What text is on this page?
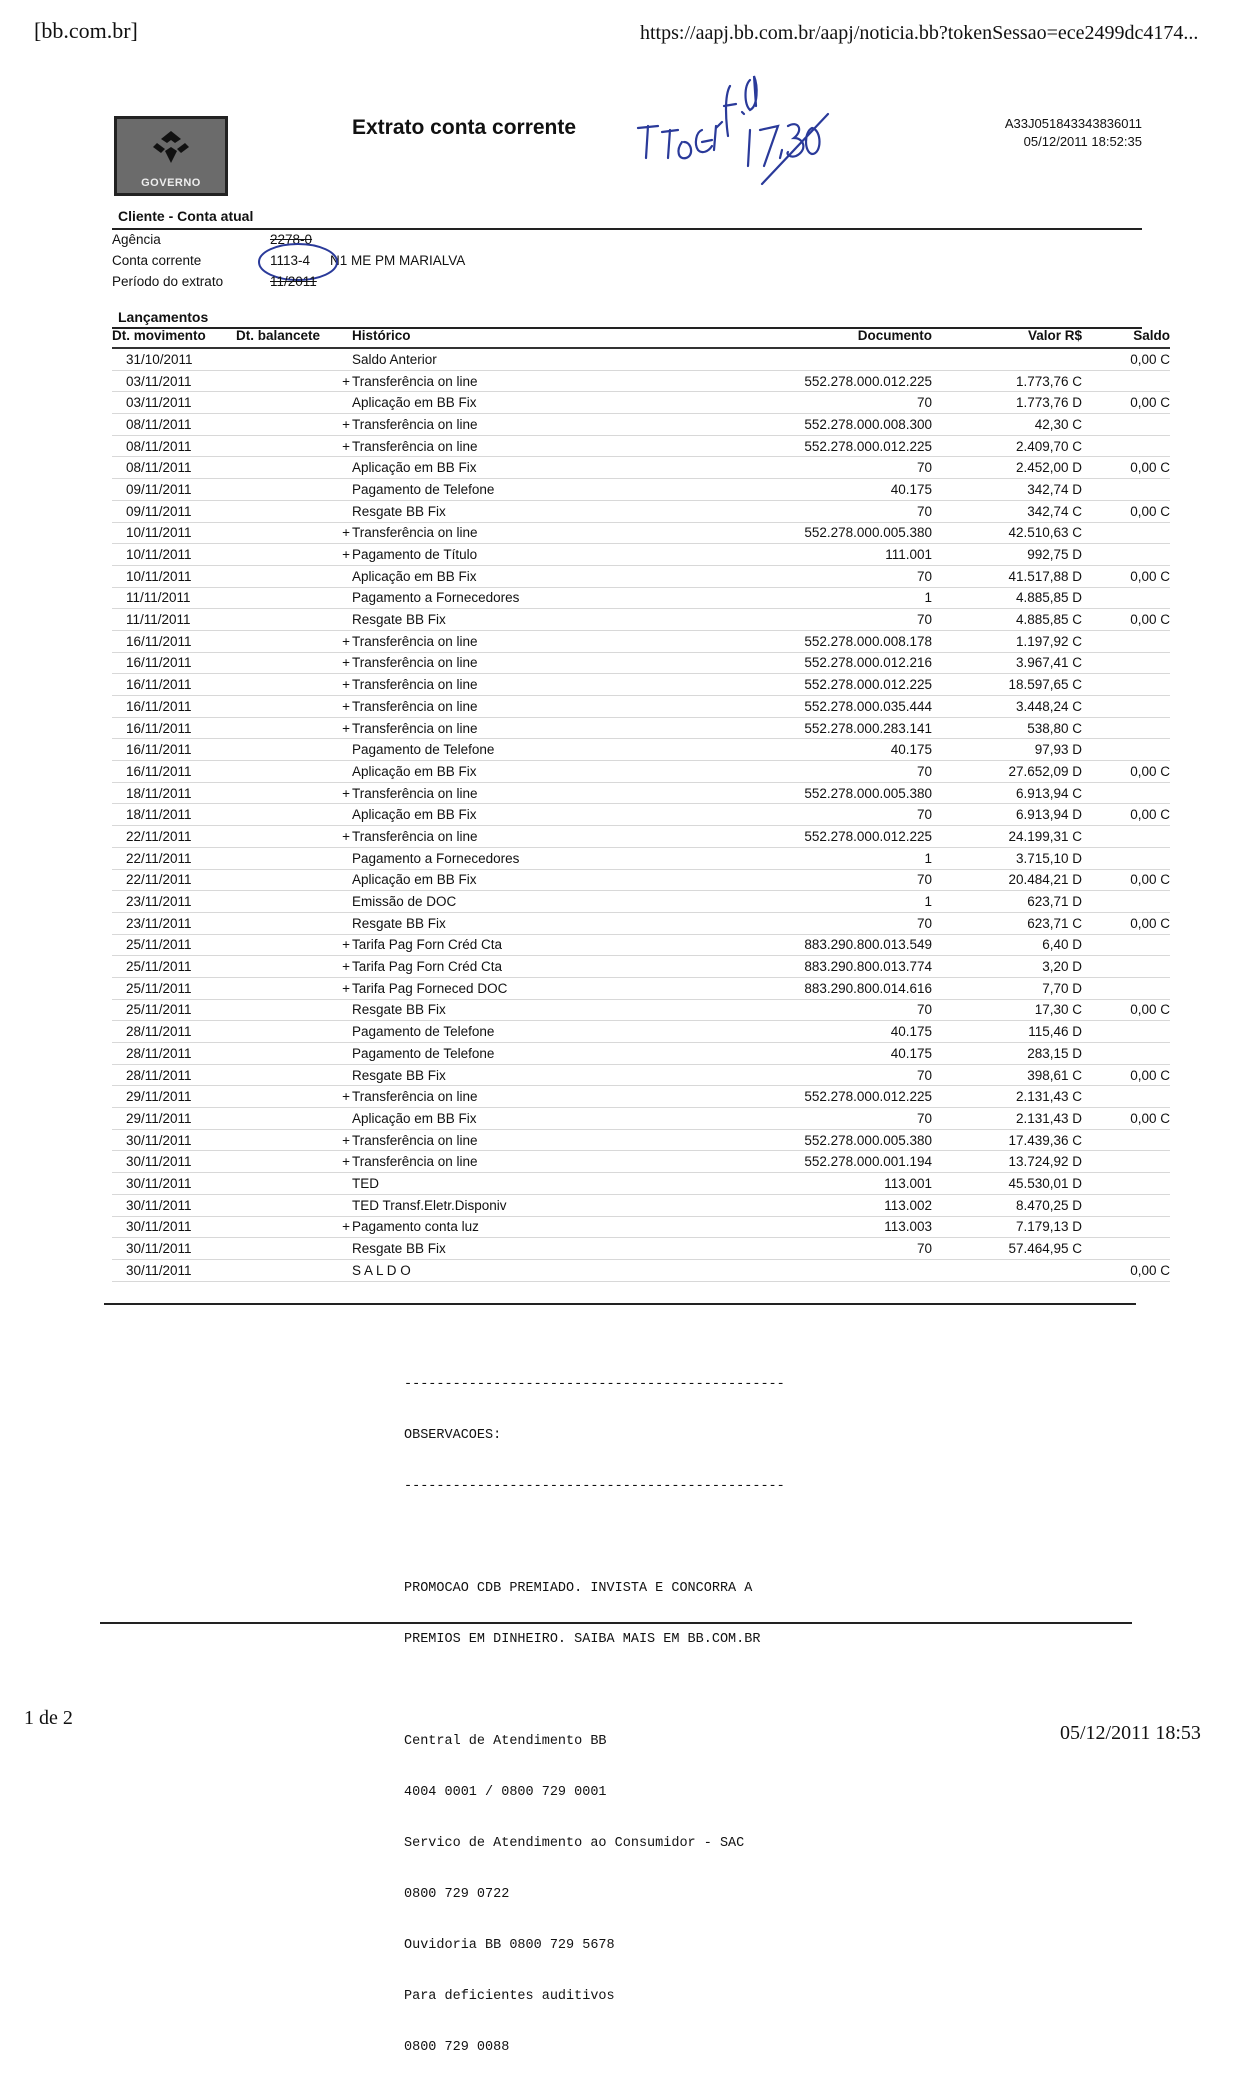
[bb.com.br]	https://aapj.bb.com.br/aapj/noticia.bb?tokenSessao=ece2499dc4174...
GOVERNO
Extrato conta corrente	A33J051843343836011
05/12/2011 18:52:35
Cliente - Conta atual
Agência	2278-0
Conta corrente	1113-4 N1 ME PM MARIALVA
Período do extrato	11/2011
Lançamentos
Dt. movimento	Dt. balancete		Histórico	Documento	Valor R$	Saldo
31/10/2011			Saldo Anterior			0,00 C
03/11/2011		+	Transferência on line	552.278.000.012.225	1.773,76 C	
03/11/2011			Aplicação em BB Fix	70	1.773,76 D	0,00 C
08/11/2011		+	Transferência on line	552.278.000.008.300	42,30 C	
08/11/2011		+	Transferência on line	552.278.000.012.225	2.409,70 C	
08/11/2011			Aplicação em BB Fix	70	2.452,00 D	0,00 C
09/11/2011			Pagamento de Telefone	40.175	342,74 D	
09/11/2011			Resgate BB Fix	70	342,74 C	0,00 C
10/11/2011		+	Transferência on line	552.278.000.005.380	42.510,63 C	
10/11/2011		+	Pagamento de Título	111.001	992,75 D	
10/11/2011			Aplicação em BB Fix	70	41.517,88 D	0,00 C
11/11/2011			Pagamento a Fornecedores	1	4.885,85 D	
11/11/2011			Resgate BB Fix	70	4.885,85 C	0,00 C
16/11/2011		+	Transferência on line	552.278.000.008.178	1.197,92 C	
16/11/2011		+	Transferência on line	552.278.000.012.216	3.967,41 C	
16/11/2011		+	Transferência on line	552.278.000.012.225	18.597,65 C	
16/11/2011		+	Transferência on line	552.278.000.035.444	3.448,24 C	
16/11/2011		+	Transferência on line	552.278.000.283.141	538,80 C	
16/11/2011			Pagamento de Telefone	40.175	97,93 D	
16/11/2011			Aplicação em BB Fix	70	27.652,09 D	0,00 C
18/11/2011		+	Transferência on line	552.278.000.005.380	6.913,94 C	
18/11/2011			Aplicação em BB Fix	70	6.913,94 D	0,00 C
22/11/2011		+	Transferência on line	552.278.000.012.225	24.199,31 C	
22/11/2011			Pagamento a Fornecedores	1	3.715,10 D	
22/11/2011			Aplicação em BB Fix	70	20.484,21 D	0,00 C
23/11/2011			Emissão de DOC	1	623,71 D	
23/11/2011			Resgate BB Fix	70	623,71 C	0,00 C
25/11/2011		+	Tarifa Pag Forn Créd Cta	883.290.800.013.549	6,40 D	
25/11/2011		+	Tarifa Pag Forn Créd Cta	883.290.800.013.774	3,20 D	
25/11/2011		+	Tarifa Pag Forneced DOC	883.290.800.014.616	7,70 D	
25/11/2011			Resgate BB Fix	70	17,30 C	0,00 C
28/11/2011			Pagamento de Telefone	40.175	115,46 D	
28/11/2011			Pagamento de Telefone	40.175	283,15 D	
28/11/2011			Resgate BB Fix	70	398,61 C	0,00 C
29/11/2011		+	Transferência on line	552.278.000.012.225	2.131,43 C	
29/11/2011			Aplicação em BB Fix	70	2.131,43 D	0,00 C
30/11/2011		+	Transferência on line	552.278.000.005.380	17.439,36 C	
30/11/2011		+	Transferência on line	552.278.000.001.194	13.724,92 D	
30/11/2011			TED	113.001	45.530,01 D	
30/11/2011			TED Transf.Eletr.Disponiv	113.002	8.470,25 D	
30/11/2011		+	Pagamento conta luz	113.003	7.179,13 D	
30/11/2011			Resgate BB Fix	70	57.464,95 C	
30/11/2011			S A L D O			0,00 C

-----------------------------------------------

OBSERVACOES:

-----------------------------------------------

PROMOCAO CDB PREMIADO. INVISTA E CONCORRA A

PREMIOS EM DINHEIRO. SAIBA MAIS EM BB.COM.BR

Central de Atendimento BB

4004 0001 / 0800 729 0001

Servico de Atendimento ao Consumidor - SAC

0800 729 0722

Ouvidoria BB 0800 729 5678

Para deficientes auditivos

0800 729 0088

1 de 2
05/12/2011 18:53
